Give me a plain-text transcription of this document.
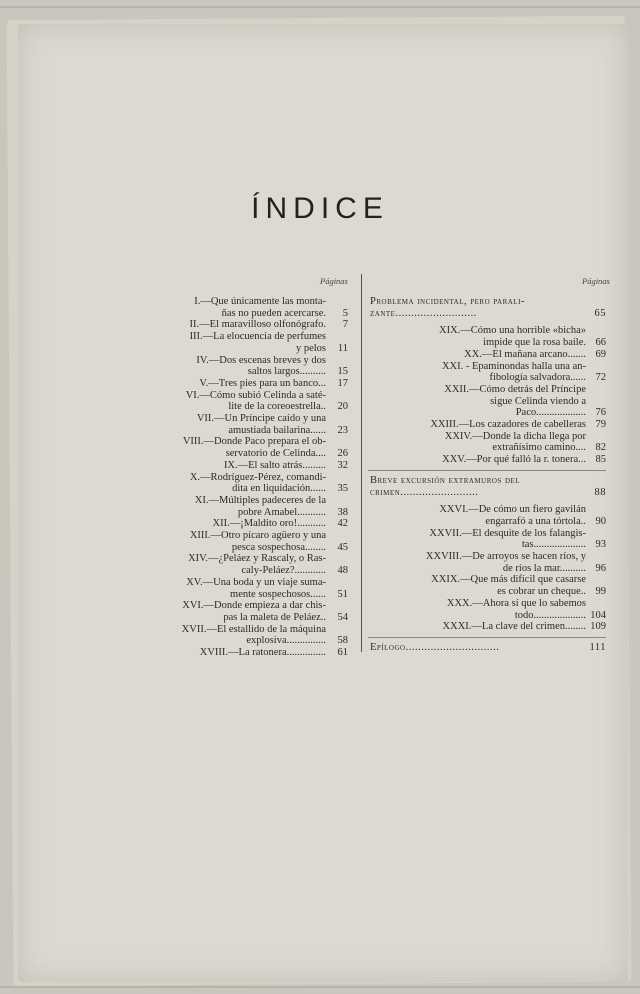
ÍNDICE
Páginas	Páginas
I.—Que únicamente las monta-
ñas no pueden acercarse.	5
II.—El maravilloso olfonógrafo.	7
III.—La elocuencia de perfumes
y pelos	11
IV.—Dos escenas breves y dos
saltos largos..........	15
V.—Tres pies para un banco...	17
VI.—Cómo subió Celinda a saté-
lite de la coreoestrella..	20
VII.—Un Príncipe caído y una
amustiada bailarina......	23
VIII.—Donde Paco prepara el ob-
servatorio de Celinda....	26
IX.—El salto atrás.........	32
X.—Rodríguez-Pérez, comandi-
dita en liquidación......	35
XI.—Múltiples padeceres de la
pobre Amabel...........	38
XII.—¡Maldito oro!...........	42
XIII.—Otro pícaro agüero y una
pesca sospechosa........	45
XIV.—¿Peláez y Rascaly, o Ras-
caly-Peláez?............	48
XV.—Una boda y un viaje suma-
mente sospechosos......	51
XVI.—Donde empieza a dar chis-
pas la maleta de Peláez..	54
XVII.—El estallido de la máquina
explosiva...............	58
XVIII.—La ratonera...............	61
Problema incidental, pero parali-
zante..........................	65
XIX.—Cómo una horrible «bicha»
impide que la rosa baile. 66
XX.—El mañana arcano....... 69
XXI. - Epaminondas halla una an-
fibología salvadora...... 72
XXII.—Cómo detrás del Príncipe
sigue Celinda viendo a
Paco................... 76
XXIII.—Los cazadores de cabelleras 79
XXIV.—Donde la dicha llega por
extrañísimo camino.... 82
XXV.—Por qué falló la r. tonera... 85
Breve excursión extramuros del
crimen.........................	88
XXVI.—De cómo un fiero gavilán
engarrafó a una tórtola.. 90
XXVII.—El desquite de los falangis-
tas.................... 93
XXVIII.—De arroyos se hacen ríos, y
de ríos la mar.......... 96
XXIX.—Que más difícil que casarse
es cobrar un cheque.. 99
XXX.—Ahora sí que lo sabemos
todo.................... 104
XXXI.—La clave del crimen........ 109
Epílogo..............................	111
